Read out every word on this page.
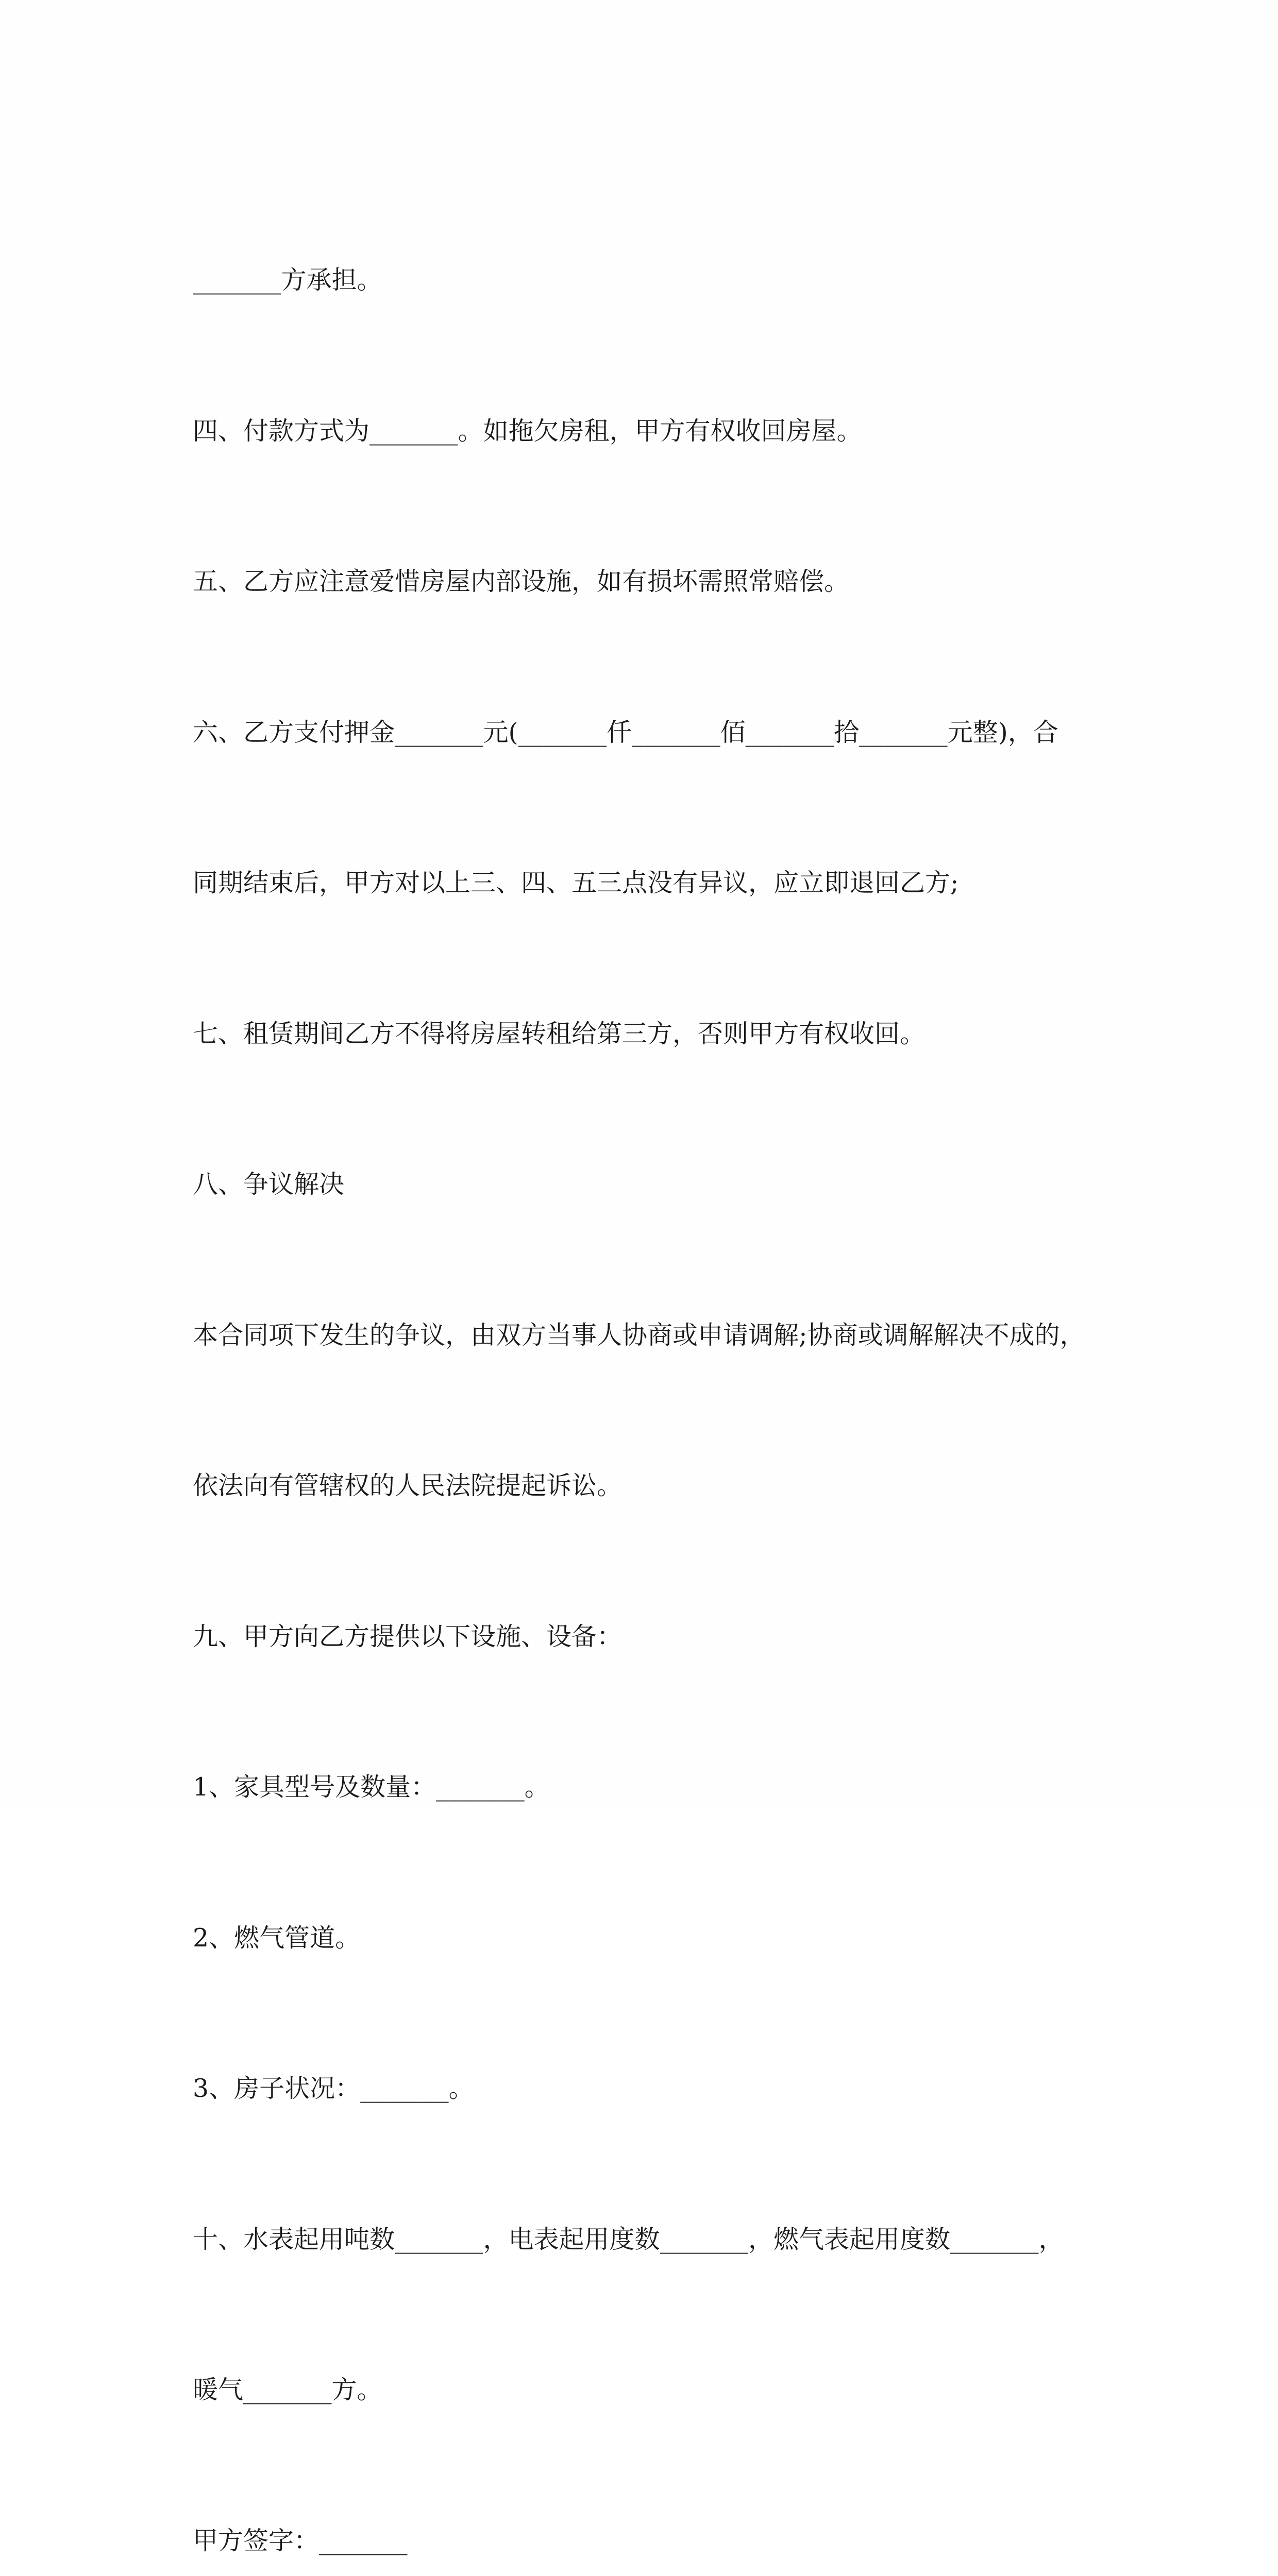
_______方承担。

四、付款方式为_______。如拖欠房租，甲方有权收回房屋。

五、乙方应注意爱惜房屋内部设施，如有损坏需照常赔偿。

六、乙方支付押金_______元(_______仟_______佰_______拾_______元整)，合

同期结束后，甲方对以上三、四、五三点没有异议，应立即退回乙方;

七、租赁期间乙方不得将房屋转租给第三方，否则甲方有权收回。

八、争议解决

本合同项下发生的争议，由双方当事人协商或申请调解;协商或调解解决不成的，

依法向有管辖权的人民法院提起诉讼。

九、甲方向乙方提供以下设施、设备：

1、家具型号及数量：_______。

2、燃气管道。

3、房子状况：_______。

十、水表起用吨数_______，电表起用度数_______，燃气表起用度数_______，

暖气_______方。

甲方签字：_______
